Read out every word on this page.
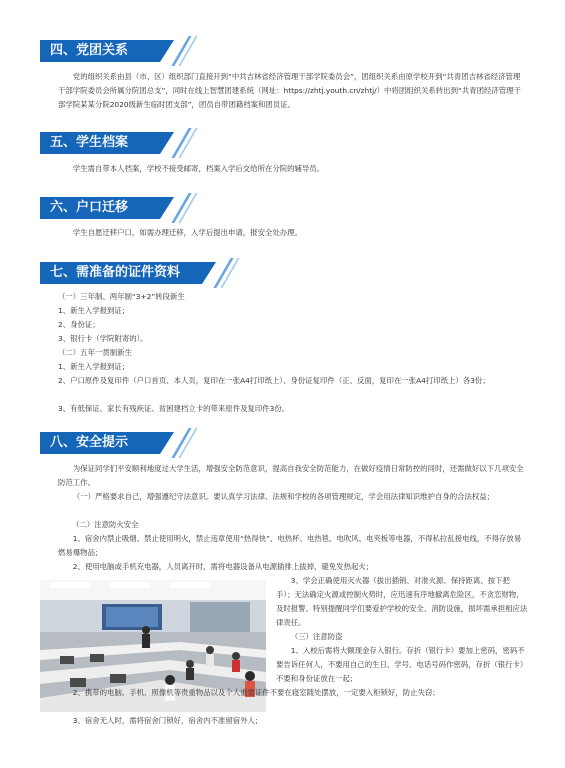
四、党团关系
党的组织关系由县（市、区）组织部门直接开到“中共吉林省经济管理干部学院委员会”，团组织关系由原学校开到“共青团吉林省经济管理干部学院委员会所属分院团总支”，同时在线上智慧团建系统（网址：https://zhtj.youth.cn/zhtj/）中将团组织关系转出到“共青团经济管理干部学院某某分院2020级新生临时团支部”，团员自带团籍档案和团员证。
五、学生档案
学生需自带本人档案，学校不接受邮寄，档案入学后交给所在分院的辅导员。
六、户口迁移
学生自愿迁移户口，如需办理迁移，入学后提出申请，报安全处办理。
七、需准备的证件资料
（一）三年制、两年制“3+2”转段新生
1、新生入学报到证；
2、身份证；
3、银行卡（学院附寄的）。
（二）五年一贯制新生
1、新生入学报到证；
2、户口原件及复印件（户口首页、本人页，复印在一张A4打印纸上）、身份证复印件（正、反面，复印在一张A4打印纸上）各3份；
3、有低保证、家长有残疾证、贫困建档立卡的带来原件及复印件3份。
八、安全提示
为保证同学们平安顺利地度过大学生活，增强安全防范意识，提高自我安全防范能力，在做好疫情日常防控的同时，还需做好以下几项安全防范工作。
（一）严格要求自己，增强遵纪守法意识。要认真学习法律、法规和学校的各项管理规定，学会用法律知识维护自身的合法权益；
（二）注意防火安全
1、宿舍内禁止吸烟、禁止使用明火，禁止违章使用“热得快”、电热杯、电热毯、电吹风、电夹板等电器，不得私拉乱接电线，不得存放易燃易爆物品；
2、使用电脑或手机充电器，人员离开时，需将电器设备从电源插排上拔掉，避免发热起火；
3、学会正确使用灭火器（拔出插销、对准火源、保持距离、按下把手）；无法确定火源或控制火势时，应迅速有序地撤离危险区，不贪恋财物，及时报警。特别提醒同学们要爱护学校的安全、消防设施，损坏需承担相应法律责任。
（三）注意防盗
1、入校后需将大额现金存入银行。存折（银行卡）要加上密码，密码不要告诉任何人，不要用自己的生日、学号、电话号码作密码，存折（银行卡）不要和身份证放在一起；
2、携带的电脑、手机、照像机等贵重物品以及个人重要证件不要在寝室随处摆放，一定要入柜锁好，防止失窃；
3、宿舍无人时，需将宿舍门锁好，宿舍内不准留宿外人；
